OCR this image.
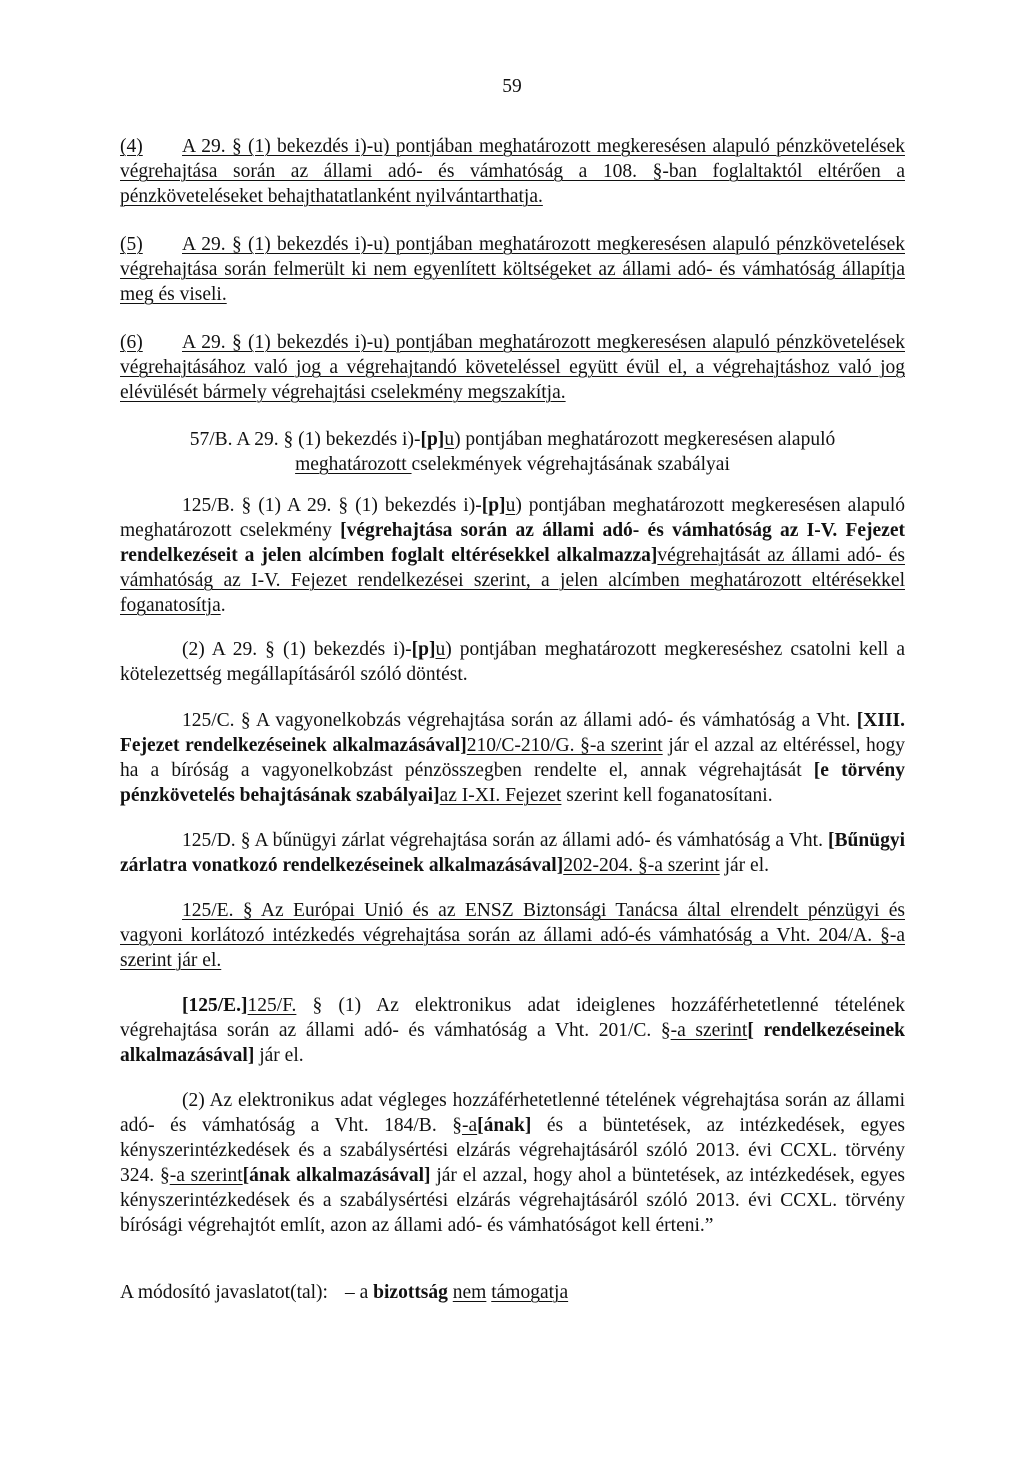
59
(4) A 29. § (1) bekezdés i)-u) pontjában meghatározott megkeresésen alapuló pénzkövetelések végrehajtása során az állami adó- és vámhatóság a 108. §-ban foglaltaktól eltérően a pénzköveteléseket behajthatatlanként nyilvántarthatja.
(5) A 29. § (1) bekezdés i)-u) pontjában meghatározott megkeresésen alapuló pénzkövetelések végrehajtása során felmerült ki nem egyenlített költségeket az állami adó- és vámhatóság állapítja meg és viseli.
(6) A 29. § (1) bekezdés i)-u) pontjában meghatározott megkeresésen alapuló pénzkövetelések végrehajtásához való jog a végrehajtandó követeléssel együtt évül el, a végrehajtáshoz való jog elévülését bármely végrehajtási cselekmény megszakítja.
57/B. A 29. § (1) bekezdés i)-[p]u) pontjában meghatározott megkeresésen alapuló
meghatározott cselekmények végrehajtásának szabályai
125/B. § (1) A 29. § (1) bekezdés i)-[p]u) pontjában meghatározott megkeresésen alapuló meghatározott cselekmény [végrehajtása során az állami adó- és vámhatóság az I-V. Fejezet rendelkezéseit a jelen alcímben foglalt eltérésekkel alkalmazza]végrehajtását az állami adó- és vámhatóság az I-V. Fejezet rendelkezései szerint, a jelen alcímben meghatározott eltérésekkel foganatosítja.
(2) A 29. § (1) bekezdés i)-[p]u) pontjában meghatározott megkereséshez csatolni kell a kötelezettség megállapításáról szóló döntést.
125/C. § A vagyonelkobzás végrehajtása során az állami adó- és vámhatóság a Vht. [XIII. Fejezet rendelkezéseinek alkalmazásával]210/C-210/G. §-a szerint jár el azzal az eltéréssel, hogy ha a bíróság a vagyonelkobzást pénzösszegben rendelte el, annak végrehajtását [e törvény pénzkövetelés behajtásának szabályai]az I-XI. Fejezet szerint kell foganatosítani.
125/D. § A bűnügyi zárlat végrehajtása során az állami adó- és vámhatóság a Vht. [Bűnügyi zárlatra vonatkozó rendelkezéseinek alkalmazásával]202-204. §-a szerint jár el.
125/E. § Az Európai Unió és az ENSZ Biztonsági Tanácsa által elrendelt pénzügyi és vagyoni korlátozó intézkedés végrehajtása során az állami adó-és vámhatóság a Vht. 204/A. §-a szerint jár el.
[125/E.]125/F. § (1) Az elektronikus adat ideiglenes hozzáférhetetlenné tételének végrehajtása során az állami adó- és vámhatóság a Vht. 201/C. §-a szerint[ rendelkezéseinek alkalmazásával] jár el.
(2) Az elektronikus adat végleges hozzáférhetetlenné tételének végrehajtása során az állami adó- és vámhatóság a Vht. 184/B. §-a[ának] és a büntetések, az intézkedések, egyes kényszerintézkedések és a szabálysértési elzárás végrehajtásáról szóló 2013. évi CCXL. törvény 324. §-a szerint[ának alkalmazásával] jár el azzal, hogy ahol a büntetések, az intézkedések, egyes kényszerintézkedések és a szabálysértési elzárás végrehajtásáról szóló 2013. évi CCXL. törvény bírósági végrehajtót említ, azon az állami adó- és vámhatóságot kell érteni.”
A módosító javaslatot(tal): – a bizottság nem támogatja
